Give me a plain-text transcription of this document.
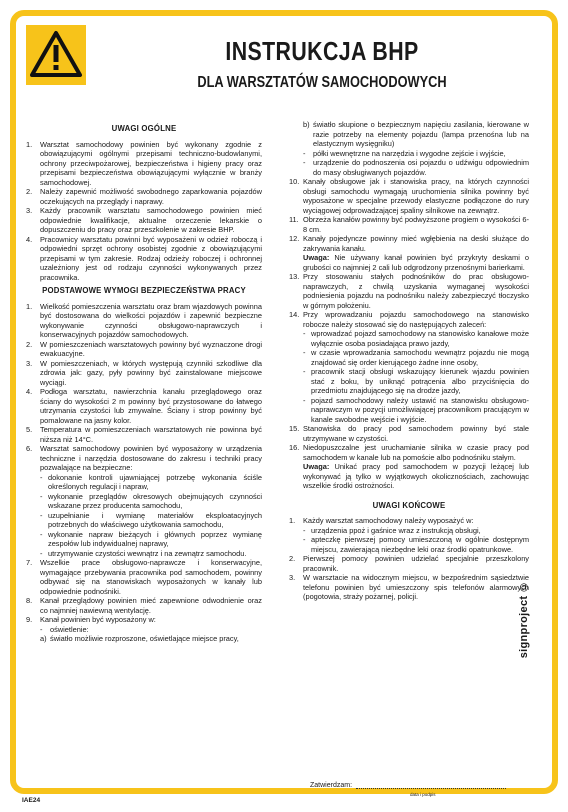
INSTRUKCJA BHP
DLA WARSZTATÓW SAMOCHODOWYCH
UWAGI OGÓLNE
1.	Warsztat samochodowy powinien być wykonany zgodnie z obowiązującymi ogólnymi przepisami techniczno-budowlanymi, ochrony przeciwpożarowej, bezpieczeństwa i higieny pracy oraz przepisami bezpieczeństwa obowiązującymi wyłącznie w branży samochodowej.
2.	Należy zapewnić możliwość swobodnego zaparkowania pojazdów oczekujących na przeglądy i naprawy.
3.	Każdy pracownik warsztatu samochodowego powinien mieć odpowiednie kwalifikacje, aktualne orzeczenie lekarskie o dopuszczeniu do pracy oraz przeszkolenie w zakresie BHP.
4.	Pracownicy warsztatu powinni być wyposażeni w odzież roboczą i odpowiedni sprzęt ochrony osobistej zgodnie z obowiązującymi przepisami w tym zakresie. Rodzaj odzieży roboczej i ochronnej uzależniony jest od rodzaju czynności wykonywanych przez pracownika.
PODSTAWOWE WYMOGI BEZPIECZEŃSTWA PRACY
1.	Wielkość pomieszczenia warsztatu oraz bram wjazdowych powinna być dostosowana do wielkości pojazdów i zapewnić bezpieczne wykonywanie czynności obsługowo-naprawczych i konserwacyjnych pojazdów samochodowych.
2.	W pomieszczeniach warsztatowych powinny być wyznaczone drogi ewakuacyjne.
3.	W pomieszczeniach, w których występują czynniki szkodliwe dla zdrowia jak: gazy, pyły powinny być zainstalowane miejscowe wyciągi.
4.	Podłoga warsztatu, nawierzchnia kanału przeglądowego oraz ściany do wysokości 2 m powinny być przystosowane do łatwego utrzymania czystości lub zmywalne. Ściany i strop powinny być pomalowane na jasny kolor.
5.	Temperatura w pomieszczeniach warsztatowych nie powinna być niższa niż 14°C.
6.	Warsztat samochodowy powinien być wyposażony w urządzenia techniczne i narzędzia dostosowane do zakresu i techniki pracy pozwalające na bezpieczne:
- dokonanie kontroli ujawniającej potrzebę wykonania ściśle określonych regulacji i napraw,
- wykonanie przeglądów okresowych obejmujących czynności wskazane przez producenta samochodu,
- uzupełnianie i wymianę materiałów eksploatacyjnych potrzebnych do właściwego użytkowania samochodu,
- wykonanie napraw bieżących i głównych poprzez wymianę zespołów lub indywidualnej naprawy,
- utrzymywanie czystości wewnątrz i na zewnątrz samochodu.
7.	Wszelkie prace obsługowo-naprawcze i konserwacyjne, wymagające przebywania pracownika pod samochodem, powinny odbywać się na stanowiskach wyposażonych w kanały lub odpowiednie podnośniki.
8.	Kanał przeglądowy powinien mieć zapewnione odwodnienie oraz co najmniej nawiewną wentylację.
9.	Kanał powinien być wyposażony w:
-	oświetlenie:
a) światło możliwie rozproszone, oświetlające miejsce pracy,
b) światło skupione o bezpiecznym napięciu zasilania, kierowane w razie potrzeby na elementy pojazdu (lampa przenośna lub na elastycznym wysięgniku)
-	półki wewnętrzne na narzędzia i wygodne zejście i wyjście,
-	urządzenie do podnoszenia osi pojazdu o udźwigu odpowiednim do masy obsługiwanych pojazdów.
10. Kanały obsługowe jak i stanowiska pracy, na których czynności obsługi samochodu wymagają uruchomienia silnika powinny być wyposażone w specjalne przewody elastyczne podłączone do rury wyciągowej odprowadzającej spaliny silnikowe na zewnątrz.
11. Obrzeża kanałów powinny być podwyższone progiem o wysokości 6-8 cm.
12. Kanały pojedyncze powinny mieć wgłębienia na deski służące do zakrywania kanału.
Uwaga: Nie używany kanał powinien być przykryty deskami o grubości co najmniej 2 cali lub odgrodzony przenośnymi barierkami.
13. Przy stosowaniu stałych podnośników do prac obsługowo-naprawczych, z chwilą uzyskania wymaganej wysokości podniesienia pojazdu na podnośniku należy zabezpieczyć tłoczysko w górnym położeniu.
14. Przy wprowadzaniu pojazdu samochodowego na stanowisko robocze należy stosować się do następujących zaleceń:
- wprowadzać pojazd samochodowy na stanowisko kanałowe może wyłącznie osoba posiadająca prawo jazdy,
- w czasie wprowadzania samochodu wewnątrz pojazdu nie mogą znajdować się order kierującego żadne inne osoby,
- pracownik stacji obsługi wskazujący kierunek wjazdu powinien stać z boku, by uniknąć potrącenia albo przyciśnięcia do przedmiotu znajdującego się na drodze jazdy,
- pojazd samochodowy należy ustawić na stanowisku obsługowo-naprawczym w pozycji umożliwiającej pracownikom pracującym w kanale swobodne wejście i wyjście.
15. Stanowiska do pracy pod samochodem powinny być stale utrzymywane w czystości.
16. Niedopuszczalne jest uruchamianie silnika w czasie pracy pod samochodem w kanale lub na pomoście albo podnośniku stałym.
Uwaga: Unikać pracy pod samochodem w pozycji leżącej lub wykonywać ją tylko w wyjątkowych okolicznościach, zachowując wszelkie środki ostrożności.
UWAGI KOŃCOWE
1.	Każdy warsztat samochodowy należy wyposażyć w:
- urządzenia ppoż i gaśnice wraz z instrukcją obsługi,
- apteczkę pierwszej pomocy umieszczoną w ogólnie dostępnym miejscu, zawierającą niezbędne leki oraz środki opatrunkowe.
2.	Pierwszej pomocy powinien udzielać specjalnie przeszkolony pracownik.
3.	W warsztacie na widocznym miejscu, w bezpośrednim sąsiedztwie telefonu powinien być umieszczony spis telefonów alarmowych (pogotowia, straży pożarnej, policji.	signproject ©
IAE24
Zatwierdzam:
data i podpis
